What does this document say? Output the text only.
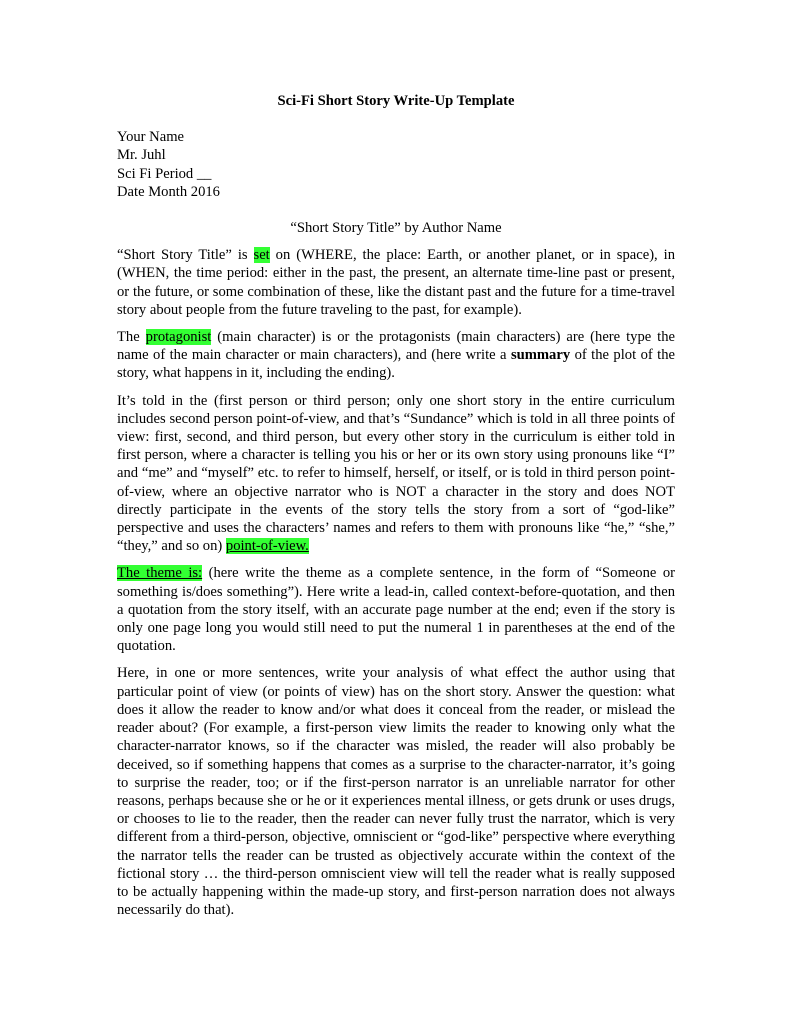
Sci-Fi Short Story Write-Up Template
Your Name
Mr. Juhl
Sci Fi Period __
Date Month 2016
“Short Story Title” by Author Name

“Short Story Title” is set on (WHERE, the place: Earth, or another planet, or in space), in (WHEN, the time period: either in the past, the present, an alternate time-line past or present, or the future, or some combination of these, like the distant past and the future for a time-travel story about people from the future traveling to the past, for example).

The protagonist (main character) is or the protagonists (main characters) are (here type the name of the main character or main characters), and (here write a summary of the plot of the story, what happens in it, including the ending).

It’s told in the (first person or third person; only one short story in the entire curriculum includes second person point-of-view, and that’s “Sundance” which is told in all three points of view: first, second, and third person, but every other story in the curriculum is either told in first person, where a character is telling you his or her or its own story using pronouns like “I” and “me” and “myself” etc. to refer to himself, herself, or itself, or is told in third person point-of-view, where an objective narrator who is NOT a character in the story and does NOT directly participate in the events of the story tells the story from a sort of “god-like” perspective and uses the characters’ names and refers to them with pronouns like “he,” “she,” “they,” and so on) point-of-view.

The theme is: (here write the theme as a complete sentence, in the form of “Someone or something is/does something”). Here write a lead-in, called context-before-quotation, and then a quotation from the story itself, with an accurate page number at the end; even if the story is only one page long you would still need to put the numeral 1 in parentheses at the end of the quotation.

Here, in one or more sentences, write your analysis of what effect the author using that particular point of view (or points of view) has on the short story. Answer the question: what does it allow the reader to know and/or what does it conceal from the reader, or mislead the reader about? (For example, a first-person view limits the reader to knowing only what the character-narrator knows, so if the character was misled, the reader will also probably be deceived, so if something happens that comes as a surprise to the character-narrator, it’s going to surprise the reader, too; or if the first-person narrator is an unreliable narrator for other reasons, perhaps because she or he or it experiences mental illness, or gets drunk or uses drugs, or chooses to lie to the reader, then the reader can never fully trust the narrator, which is very different from a third-person, objective, omniscient or “god-like” perspective where everything the narrator tells the reader can be trusted as objectively accurate within the context of the fictional story … the third-person omniscient view will tell the reader what is really supposed to be actually happening within the made-up story, and first-person narration does not always necessarily do that).
